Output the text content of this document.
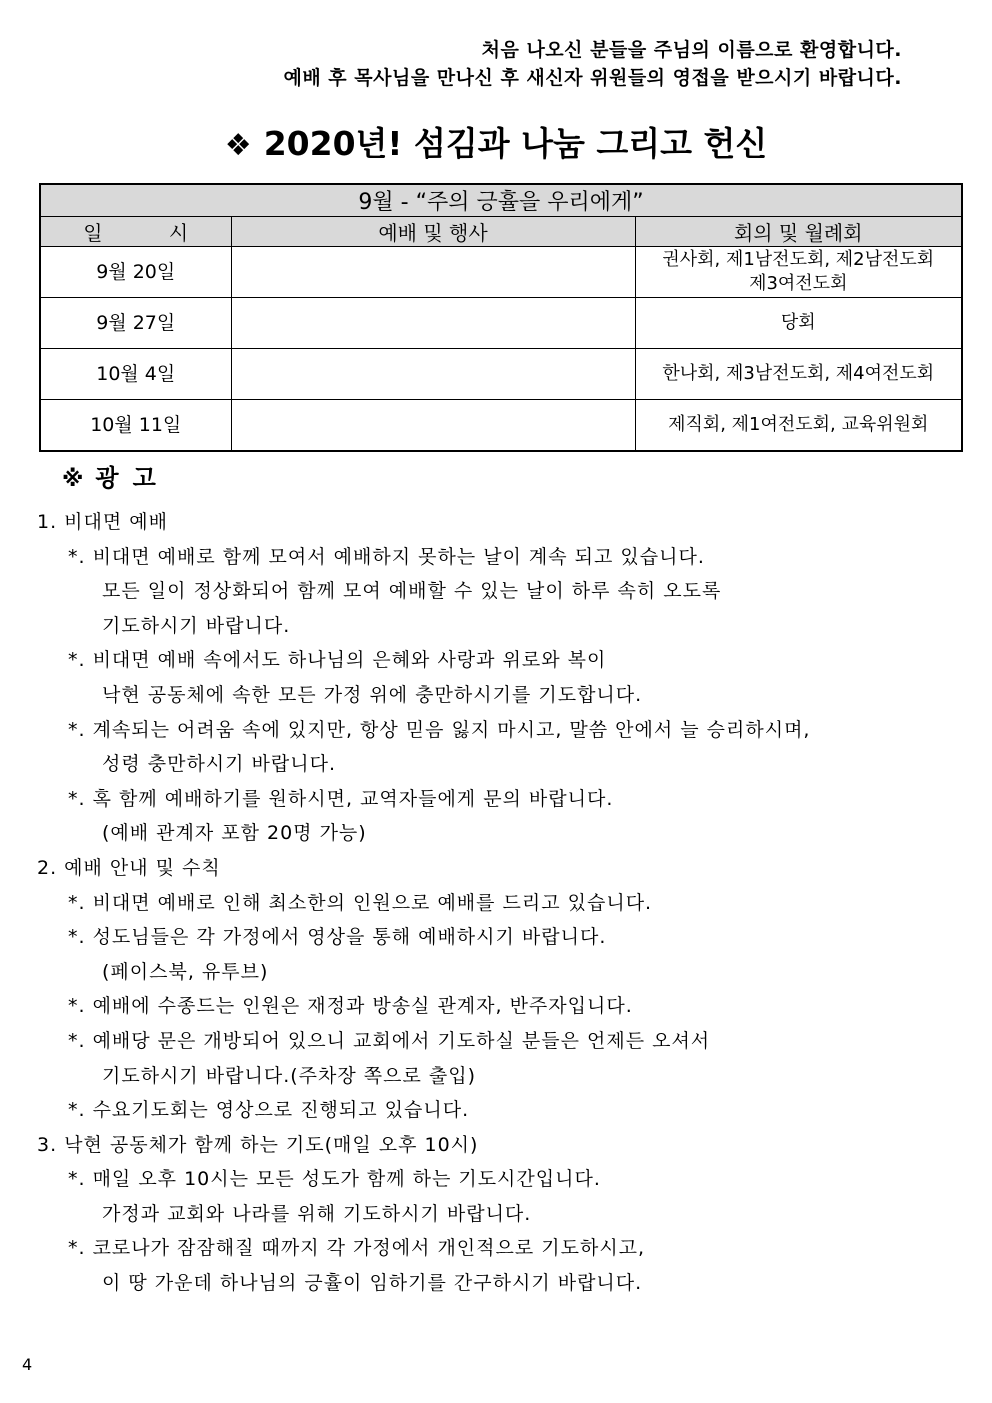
처음 나오신 분들을 주님의 이름으로 환영합니다.
예배 후 목사님을 만나신 후 새신자 위원들의 영접을 받으시기 바랍니다.
❖ 2020년! 섬김과 나눔 그리고 헌신
9월 - “주의 긍휼을 우리에게”		
일 시	예배 및 행사	회의 및 월례회
9월 20일		권사회, 제1남전도회, 제2남전도회
제3여전도회

9월 27일		당회
10월 4일		한나회, 제3남전도회, 제4여전도회
10월 11일		제직회, 제1여전도회, 교육위원회
※ 광고
1. 비대면 예배
*. 비대면 예배로 함께 모여서 예배하지 못하는 날이 계속 되고 있습니다.
모든 일이 정상화되어 함께 모여 예배할 수 있는 날이 하루 속히 오도록
기도하시기 바랍니다.
*. 비대면 예배 속에서도 하나님의 은혜와 사랑과 위로와 복이
낙현 공동체에 속한 모든 가정 위에 충만하시기를 기도합니다.
*. 계속되는 어려움 속에 있지만, 항상 믿음 잃지 마시고, 말씀 안에서 늘 승리하시며,
성령 충만하시기 바랍니다.
*. 혹 함께 예배하기를 원하시면, 교역자들에게 문의 바랍니다.
(예배 관계자 포함 20명 가능)
2. 예배 안내 및 수칙
*. 비대면 예배로 인해 최소한의 인원으로 예배를 드리고 있습니다.
*. 성도님들은 각 가정에서 영상을 통해 예배하시기 바랍니다.
(페이스북, 유투브)
*. 예배에 수종드는 인원은 재정과 방송실 관계자, 반주자입니다.
*. 예배당 문은 개방되어 있으니 교회에서 기도하실 분들은 언제든 오셔서
기도하시기 바랍니다.(주차장 쪽으로 출입)
*. 수요기도회는 영상으로 진행되고 있습니다.
3. 낙현 공동체가 함께 하는 기도(매일 오후 10시)
*. 매일 오후 10시는 모든 성도가 함께 하는 기도시간입니다.
가정과 교회와 나라를 위해 기도하시기 바랍니다.
*. 코로나가 잠잠해질 때까지 각 가정에서 개인적으로 기도하시고,
이 땅 가운데 하나님의 긍휼이 임하기를 간구하시기 바랍니다.
4
